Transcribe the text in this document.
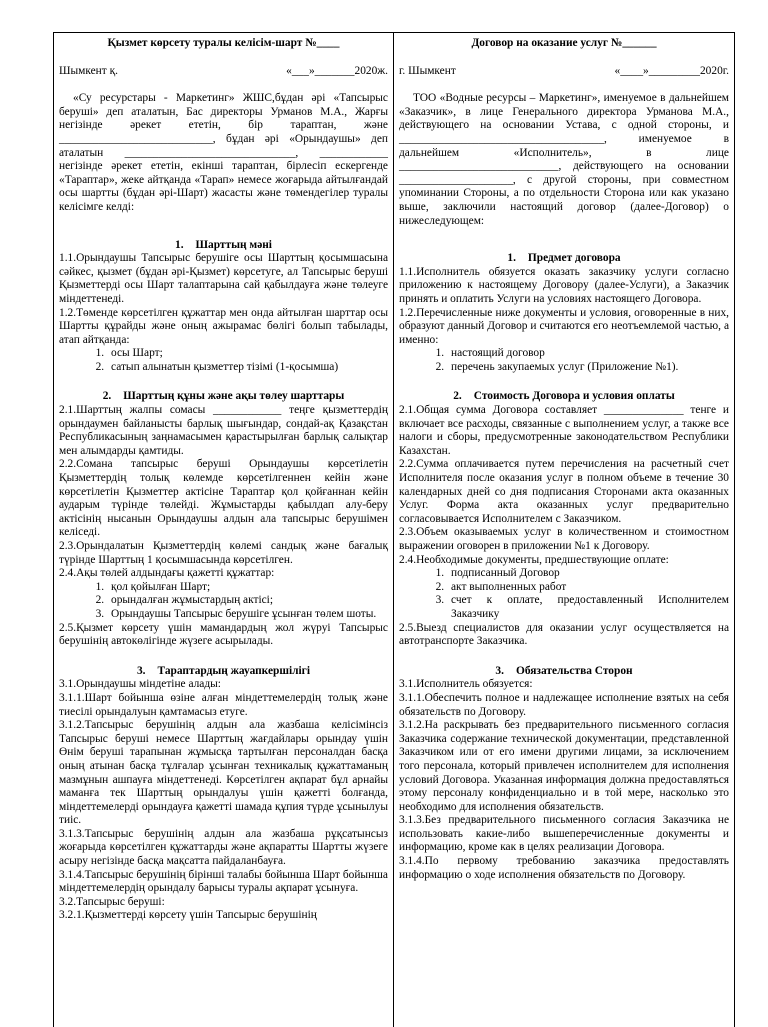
Қызмет көрсету туралы келісім-шарт №____
Шымкент қ.	«___»_______2020ж.
«Су ресурстары - Маркетинг» ЖШС,бұдан әрі «Тапсырыс беруші» деп аталатын, Бас директоры Урманов М.А., Жарғы негізінде әрекет ететін, бір тараптан, және ___________________________, бұдан әрі «Орындаушы» деп аталатын ______________________________, ____________ негізінде әрекет ететін, екінші тараптан, бірлесіп ескергенде «Тараптар», жеке айтқанда «Тарап» немесе жоғарыда айтылғандай осы шартты (бұдан әрі-Шарт) жасасты және төмендегілер туралы келісімге келді:
1. Шарттың мәні
1.1.Орындаушы Тапсырыс берушіге осы Шарттың қосымшасына сәйкес, қызмет (бұдан әрі-Қызмет) көрсетуге, ал Тапсырыс беруші Қызметтерді осы Шарт талаптарына сай қабылдауға және төлеуге міндеттенеді.
1.2.Төменде көрсетілген құжаттар мен онда айтылған шарттар осы Шартты құрайды және оның ажырамас бөлігі болып табылады, атап айтқанда:
1. осы Шарт;
2. сатып алынатын қызметтер тізімі (1-қосымша)
2. Шарттың құны және ақы төлеу шарттары
2.1.Шарттың жалпы сомасы ____________ теңге қызметтердің орындаумен байланысты барлық шығындар, сондай-ақ Қазақстан Республикасының заңнамасымен қарастырылған барлық салықтар мен алымдарды қамтиды.
2.2.Сомана тапсырыс беруші Орындаушы көрсетілетін Қызметтердің толық көлемде көрсетілгеннен кейін және көрсетілетін Қызметтер актісіне Тараптар қол қойғаннан кейін аударым түрінде төлейді. Жұмыстарды қабылдап алу-беру актісінің нысанын Орындаушы алдын ала тапсырыс берушімен келіседі.
2.3.Орындалатын Қызметтердің көлемі сандық және бағалық түрінде Шарттың 1 қосымшасында көрсетілген.
2.4.Ақы төлей алдындағы қажетті құжаттар:
1. қол қойылған Шарт;
2. орындалған жұмыстардың актісі;
3. Орындаушы Тапсырыс берушіге ұсынған төлем шоты.
2.5.Қызмет көрсету үшін мамандардың жол жүруі Тапсырыс берушінің автокөлігінде жүзеге асырылады.
3. Тараптардың жауапкершілігі
3.1.Орындаушы міндетіне алады:
3.1.1.Шарт бойынша өзіне алған міндеттемелердің толық және тиесілі орындалуын қамтамасыз етуге.
3.1.2.Тапсырыс берушінің алдын ала жазбаша келісімінсіз Тапсырыс беруші немесе Шарттың жағдайлары орындау үшін Өнім беруші тарапынан жұмысқа тартылған персоналдан басқа оның атынан басқа тұлғалар ұсынған техникалық құжаттаманың мазмұнын ашпауға міндеттенеді. Көрсетілген ақпарат бұл арнайы маманға тек Шарттың орындалуы үшін қажетті болғанда, міндеттемелерді орындауға қажетті шамада құпия түрде ұсынылуы тиіс.
3.1.3.Тапсырыс берушінің алдын ала жазбаша рұқсатынсыз жоғарыда көрсетілген құжаттарды және ақпаратты Шартты жүзеге асыру негізінде басқа мақсатта пайдаланбауға.
3.1.4.Тапсырыс берушінің бірінші талабы бойынша Шарт бойынша міндеттемелердің орындалу барысы туралы ақпарат ұсынуға.
3.2.Тапсырыс беруші:
3.2.1.Қызметтерді көрсету үшін Тапсырыс берушінің
Договор на оказание услуг №______
г. Шымкент	«____»_________2020г.
ТОО «Водные ресурсы – Маркетинг», именуемое в дальнейшем «Заказчик», в лице Генерального директора Урманова М.А., действующего на основании Устава, с одной стороны, и ____________________________________, именуемое в дальнейшем «Исполнитель», в лице ____________________________, действующего на основании ____________________, с другой стороны, при совместном упоминании Стороны, а по отдельности Сторона или как указано выше, заключили настоящий договор (далее-Договор) о нижеследующем:
1. Предмет договора
1.1.Исполнитель обязуется оказать заказчику услуги согласно приложению к настоящему Договору (далее-Услуги), а Заказчик принять и оплатить Услуги на условиях настоящего Договора.
1.2.Перечисленные ниже документы и условия, оговоренные в них, образуют данный Договор и считаются его неотъемлемой частью, а именно:
1. настоящий договор
2. перечень закупаемых услуг (Приложение №1).
2. Стоимость Договора и условия оплаты
2.1.Общая сумма Договора составляет ______________ тенге и включает все расходы, связанные с выполнением услуг, а также все налоги и сборы, предусмотренные законодательством Республики Казахстан.
2.2.Сумма оплачивается путем перечисления на расчетный счет Исполнителя после оказания услуг в полном объеме в течение 30 календарных дней со дня подписания Сторонами акта оказанных Услуг. Форма акта оказанных услуг предварительно согласовывается Исполнителем с Заказчиком.
2.3.Объем оказываемых услуг в количественном и стоимостном выражении оговорен в приложении №1 к Договору.
2.4.Необходимые документы, предшествующие оплате:
1. подписанный Договор
2. акт выполненных работ
3. счет к оплате, предоставленный Исполнителем Заказчику
2.5.Выезд специалистов для оказании услуг осуществляется на автотранспорте Заказчика.
3. Обязательства Сторон
3.1.Исполнитель обязуется:
3.1.1.Обеспечить полное и надлежащее исполнение взятых на себя обязательств по Договору.
3.1.2.На раскрывать без предварительного письменного согласия Заказчика содержание технической документации, представленной Заказчиком или от его имени другими лицами, за исключением того персонала, который привлечен исполнителем для исполнения условий Договора. Указанная информация должна предоставляться этому персоналу конфиденциально и в той мере, насколько это необходимо для исполнения обязательств.
3.1.3.Без предварительного письменного согласия Заказчика не использовать какие-либо вышеперечисленные документы и информацию, кроме как в целях реализации Договора.
3.1.4.По первому требованию заказчика предоставлять информацию о ходе исполнения обязательств по Договору.
